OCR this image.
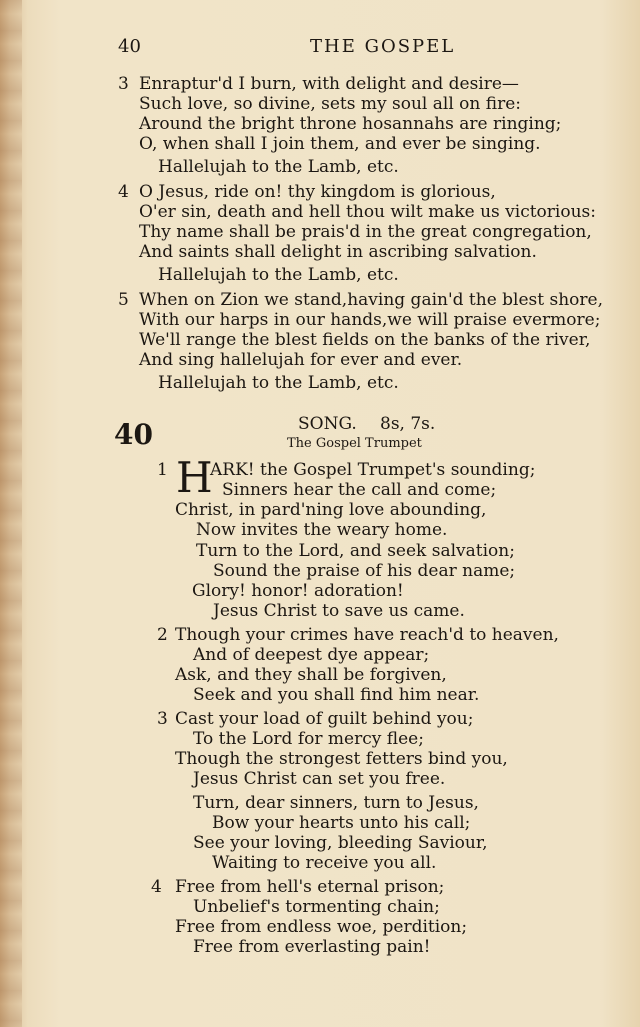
40	THE GOSPEL
3 Enraptur'd I burn, with delight and desire—
Such love, so divine, sets my soul all on fire:
Around the bright throne hosannahs are ringing;
O, when shall I join them, and ever be singing.
Hallelujah to the Lamb, etc.
4 O Jesus, ride on! thy kingdom is glorious,
O'er sin, death and hell thou wilt make us victorious:
Thy name shall be prais'd in the great congregation,
And saints shall delight in ascribing salvation.
Hallelujah to the Lamb, etc.
5 When on Zion we stand,having gain'd the blest shore,
With our harps in our hands,we will praise evermore;
We'll range the blest fields on the banks of the river,
And sing hallelujah for ever and ever.
Hallelujah to the Lamb, etc.
40	SONG. 8s, 7s.
The Gospel Trumpet
1 H
ARK! the Gospel Trumpet's sounding;
Sinners hear the call and come;
Christ, in pard'ning love abounding,
Now invites the weary home.
Turn to the Lord, and seek salvation;
Sound the praise of his dear name;
Glory! honor! adoration!
Jesus Christ to save us came.
2 Though your crimes have reach'd to heaven,
And of deepest dye appear;
Ask, and they shall be forgiven,
Seek and you shall find him near.
3 Cast your load of guilt behind you;
To the Lord for mercy flee;
Though the strongest fetters bind you,
Jesus Christ can set you free.
Turn, dear sinners, turn to Jesus,
Bow your hearts unto his call;
See your loving, bleeding Saviour,
Waiting to receive you all.
4 Free from hell's eternal prison;
Unbelief's tormenting chain;
Free from endless woe, perdition;
Free from everlasting pain!
